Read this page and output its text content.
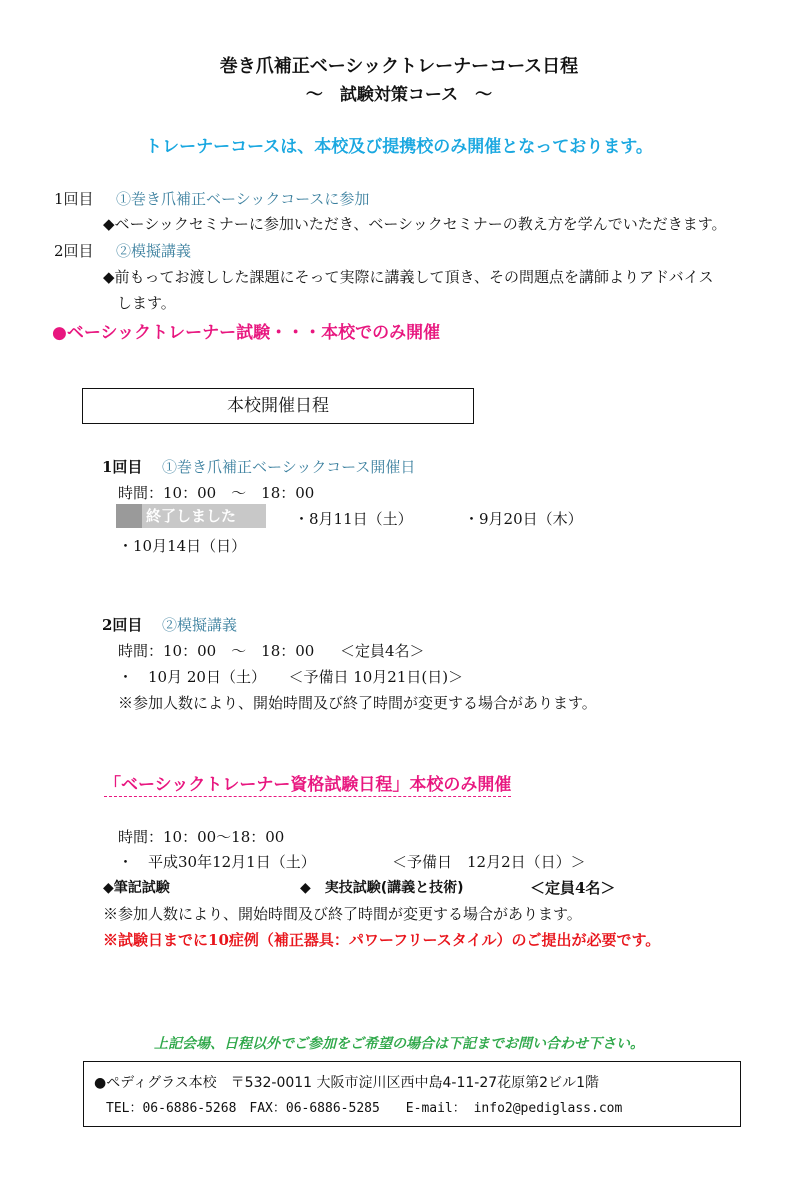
巻き爪補正ベーシックトレーナーコース日程
～　試験対策コース　～
トレーナーコースは、本校及び提携校のみ開催となっております。
1回目 ①巻き爪補正ベーシックコースに参加
◆ベーシックセミナーに参加いただき、ベーシックセミナーの教え方を学んでいただきます。
2回目 ②模擬講義
◆前もってお渡しした課題にそって実際に講義して頂き、その問題点を講師よりアドバイス
します。
●ベーシックトレーナー試験・・・本校でのみ開催
本校開催日程
1回目 ①巻き爪補正ベーシックコース開催日
時間：10：00　～　18：00
終了しました	・8月11日（土）	・9月20日（木）
・10月14日（日）
2回目 ②模擬講義
時間：10：00　～　18：00 ＜定員4名＞
・　10月 20日（土）　　＜予備日 10月21日(日)＞
※参加人数により、開始時間及び終了時間が変更する場合があります。
「ベーシックトレーナー資格試験日程」本校のみ開催
時間：10：00～18：00
・　平成30年12月1日（土）	＜予備日　12月2日（日）＞
◆筆記試験	◆　実技試験(講義と技術)	＜定員4名＞
※参加人数により、開始時間及び終了時間が変更する場合があります。
※試験日までに10症例（補正器具：パワーフリースタイル）のご提出が必要です。
上記会場、日程以外でご参加をご希望の場合は下記までお問い合わせ下さい。
●ペディグラス本校　〒532-0011 大阪市淀川区西中島4-11-27花原第2ビル1階
TEL：06-6886-5268　FAX：06-6886-5285　　E-mail： info2@pediglass.com
